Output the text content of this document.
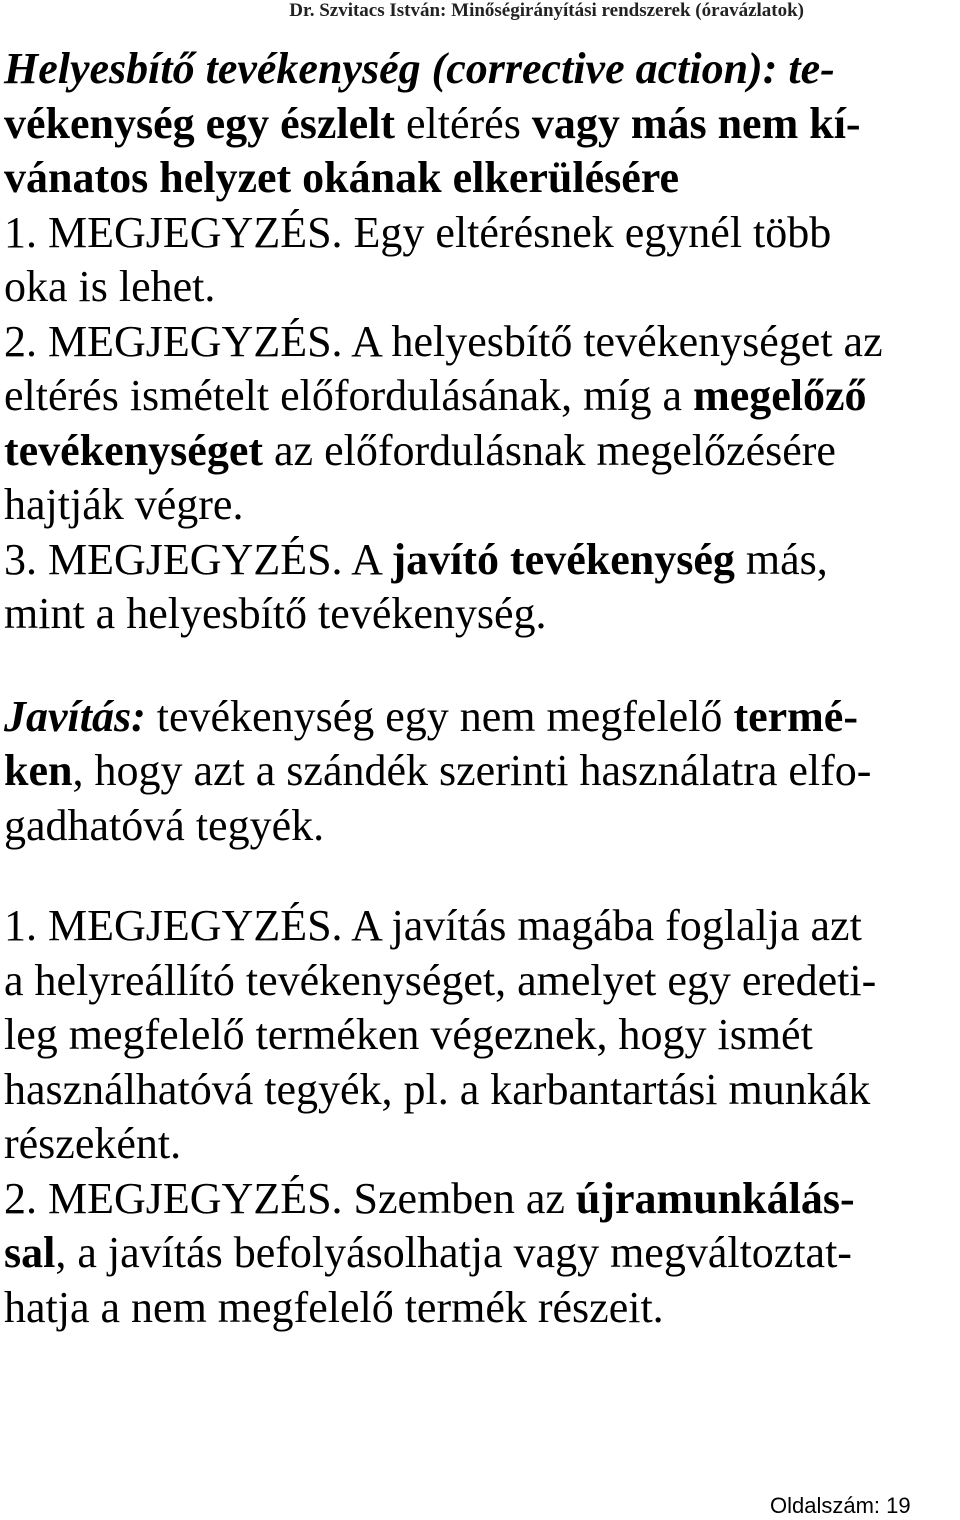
Dr. Szvitacs István: Minőségirányítási rendszerek (óravázlatok)

Helyesbítő tevékenység (corrective action): te-
vékenység egy észlelt eltérés vagy más nem kí-
vánatos helyzet okának elkerülésére

1. MEGJEGYZÉS. Egy eltérésnek egynél több
oka is lehet.

2. MEGJEGYZÉS. A helyesbítő tevékenységet az
eltérés ismételt előfordulásának, míg a megelőző
tevékenységet az előfordulásnak megelőzésére
hajtják végre.

3. MEGJEGYZÉS. A javító tevékenység más,
mint a helyesbítő tevékenység.

Javítás: tevékenység egy nem megfelelő termé-
ken, hogy azt a szándék szerinti használatra elfo-
gadhatóvá tegyék.

1. MEGJEGYZÉS. A javítás magába foglalja azt
a helyreállító tevékenységet, amelyet egy eredeti-
leg megfelelő terméken végeznek, hogy ismét
használhatóvá tegyék, pl. a karbantartási munkák
részeként.

2. MEGJEGYZÉS. Szemben az újramunkálás-
sal, a javítás befolyásolhatja vagy megváltoztat-
hatja a nem megfelelő termék részeit.

Oldalszám: 19
